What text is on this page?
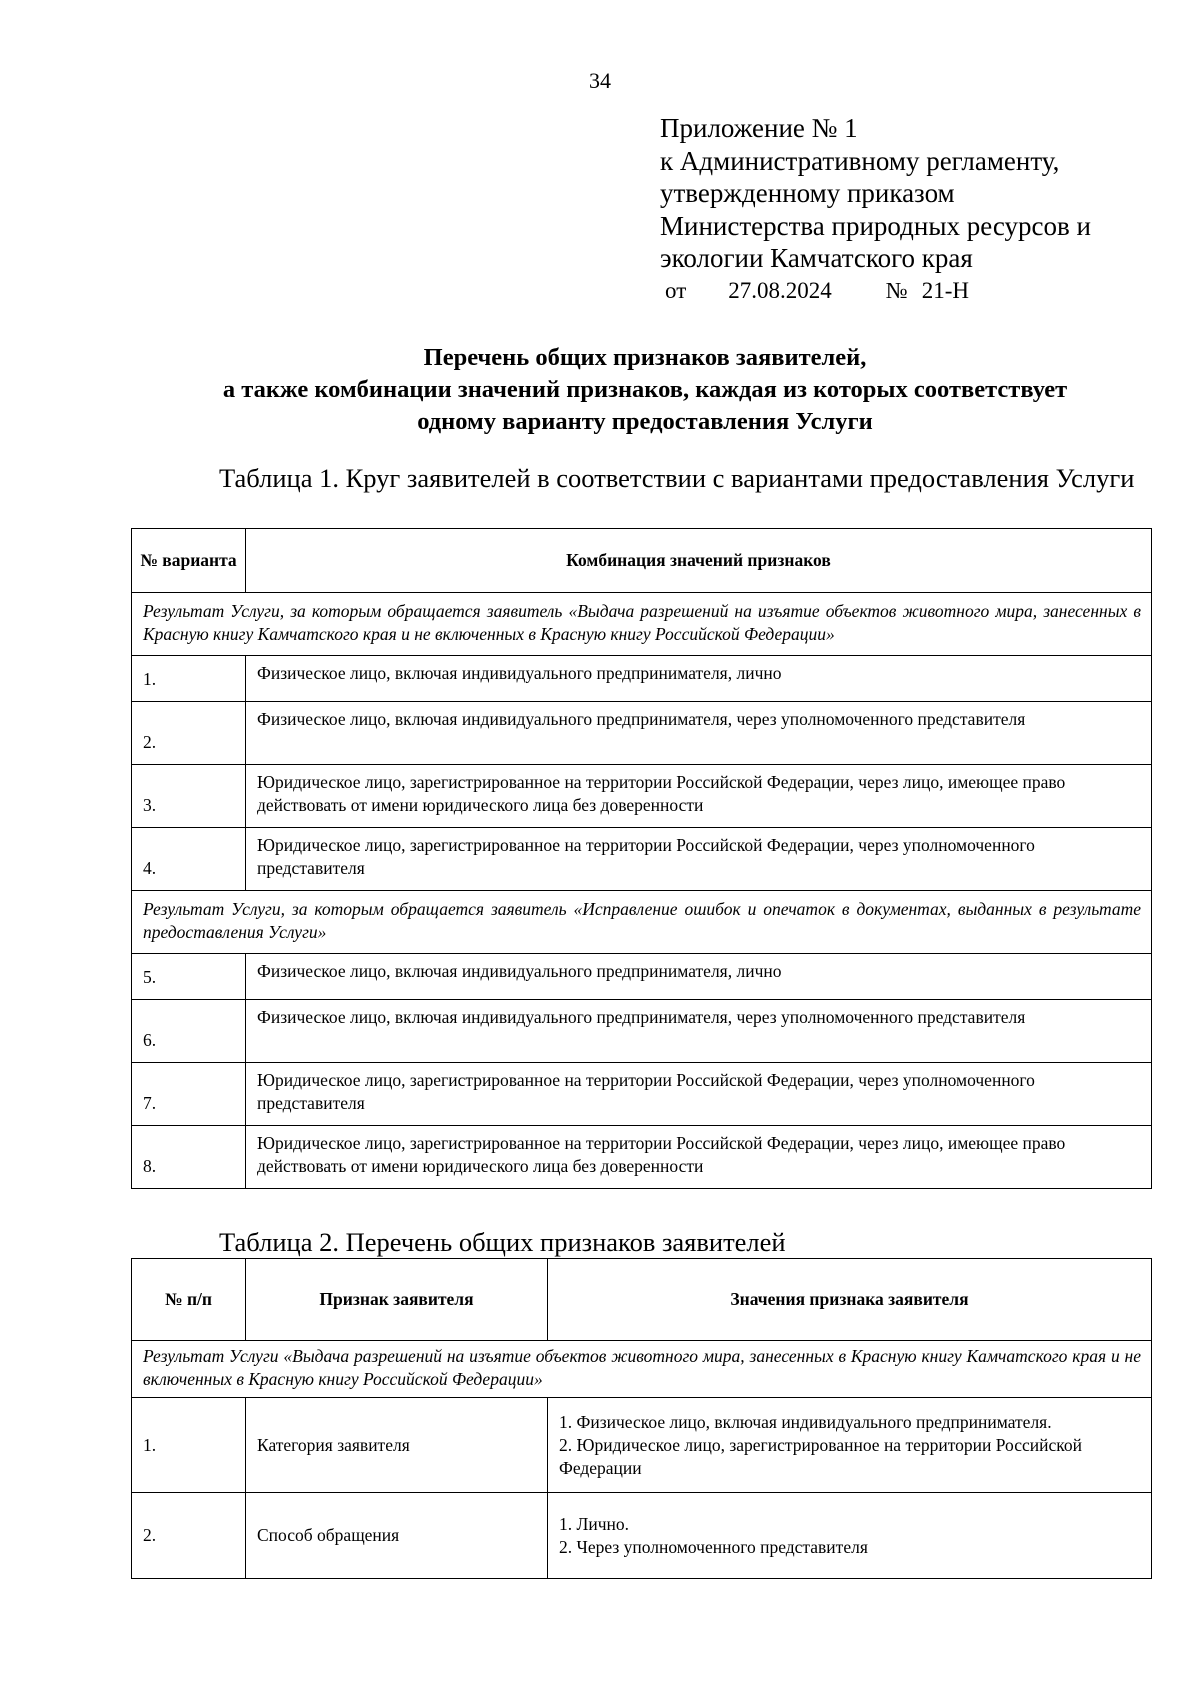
34
Приложение № 1
к Административному регламенту,
утвержденному приказом
Министерства природных ресурсов и
экологии Камчатского края
от 27.08.2024 № 21-Н
Перечень общих признаков заявителей,
а также комбинации значений признаков, каждая из которых соответствует
одному варианту предоставления Услуги
Таблица 1. Круг заявителей в соответствии с вариантами предоставления Услуги
№ варианта	Комбинация значений признаков
Результат Услуги, за которым обращается заявитель «Выдача разрешений на изъятие объектов животного мира, занесенных в Красную книгу Камчатского края и не включенных в Красную книгу Российской Федерации»	
1.	Физическое лицо, включая индивидуального предпринимателя, лично
2.	Физическое лицо, включая индивидуального предпринимателя, через уполномоченного представителя
3.	Юридическое лицо, зарегистрированное на территории Российской Федерации, через лицо, имеющее право действовать от имени юридического лица без доверенности
4.	Юридическое лицо, зарегистрированное на территории Российской Федерации, через уполномоченного представителя
Результат Услуги, за которым обращается заявитель «Исправление ошибок и опечаток в документах, выданных в результате предоставления Услуги»	
5.	Физическое лицо, включая индивидуального предпринимателя, лично
6.	Физическое лицо, включая индивидуального предпринимателя, через уполномоченного представителя
7.	Юридическое лицо, зарегистрированное на территории Российской Федерации, через уполномоченного представителя
8.	Юридическое лицо, зарегистрированное на территории Российской Федерации, через лицо, имеющее право действовать от имени юридического лица без доверенности
Таблица 2. Перечень общих признаков заявителей
№ п/п	Признак заявителя	Значения признака заявителя
Результат Услуги «Выдача разрешений на изъятие объектов животного мира, занесенных в Красную книгу Камчатского края и не включенных в Красную книгу Российской Федерации»		
1.	Категория заявителя	1. Физическое лицо, включая индивидуального предпринимателя.
2. Юридическое лицо, зарегистрированное на территории Российской Федерации

2.	Способ обращения	1. Лично.
2. Через уполномоченного представителя
